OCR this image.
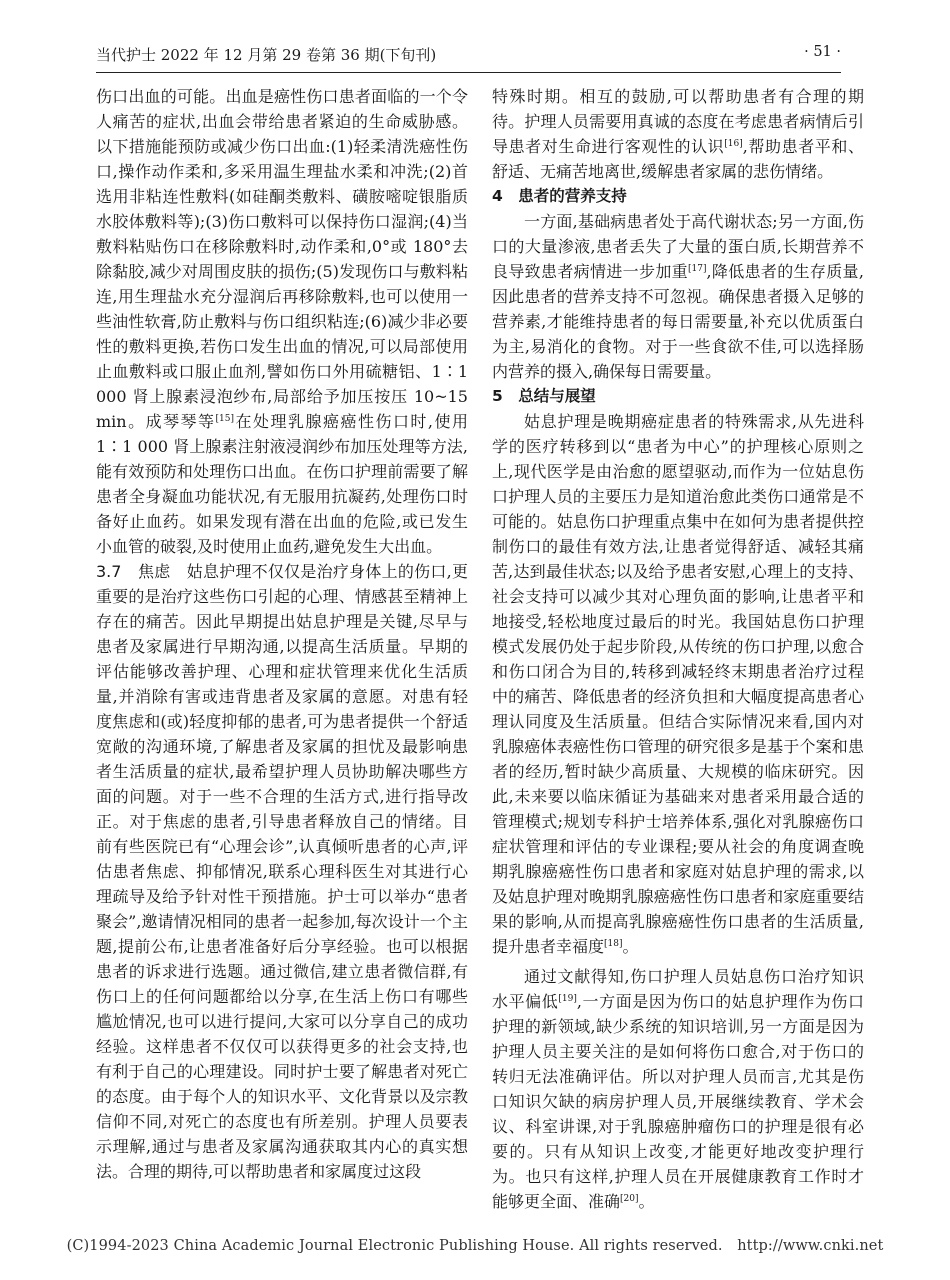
当代护士 2022 年 12 月第 29 卷第 36 期(下旬刊)	· 51 ·

伤口出血的可能。出血是癌性伤口患者面临的一个令人痛苦的症状,出血会带给患者紧迫的生命威胁感。以下措施能预防或减少伤口出血:(1)轻柔清洗癌性伤口,操作动作柔和,多采用温生理盐水柔和冲洗;(2)首选用非粘连性敷料(如硅酮类敷料、磺胺嘧啶银脂质水胶体敷料等);(3)伤口敷料可以保持伤口湿润;(4)当敷料粘贴伤口在移除敷料时,动作柔和,0°或 180°去除黏胶,减少对周围皮肤的损伤;(5)发现伤口与敷料粘连,用生理盐水充分湿润后再移除敷料,也可以使用一些油性软膏,防止敷料与伤口组织粘连;(6)减少非必要性的敷料更换,若伤口发生出血的情况,可以局部使用止血敷料或口服止血剂,譬如伤口外用硫糖铝、1∶1 000 肾上腺素浸泡纱布,局部给予加压按压 10~15 min。成琴琴等[15]在处理乳腺癌癌性伤口时,使用 1∶1 000 肾上腺素注射液浸润纱布加压处理等方法,能有效预防和处理伤口出血。在伤口护理前需要了解患者全身凝血功能状况,有无服用抗凝药,处理伤口时备好止血药。如果发现有潜在出血的危险,或已发生小血管的破裂,及时使用止血药,避免发生大出血。

3.7　 焦虑　 姑息护理不仅仅是治疗身体上的伤口,更重要的是治疗这些伤口引起的心理、情感甚至精神上存在的痛苦。因此早期提出姑息护理是关键,尽早与患者及家属进行早期沟通,以提高生活质量。早期的评估能够改善护理、心理和症状管理来优化生活质量,并消除有害或违背患者及家属的意愿。对患有轻度焦虑和(或)轻度抑郁的患者,可为患者提供一个舒适宽敞的沟通环境,了解患者及家属的担忧及最影响患者生活质量的症状,最希望护理人员协助解决哪些方面的问题。对于一些不合理的生活方式,进行指导改正。对于焦虑的患者,引导患者释放自己的情绪。目前有些医院已有“心理会诊”,认真倾听患者的心声,评估患者焦虑、抑郁情况,联系心理科医生对其进行心理疏导及给予针对性干预措施。护士可以举办“患者聚会”,邀请情况相同的患者一起参加,每次设计一个主题,提前公布,让患者准备好后分享经验。也可以根据患者的诉求进行选题。通过微信,建立患者微信群,有伤口上的任何问题都给以分享,在生活上伤口有哪些尴尬情况,也可以进行提问,大家可以分享自己的成功经验。这样患者不仅仅可以获得更多的社会支持,也有利于自己的心理建设。同时护士要了解患者对死亡的态度。由于每个人的知识水平、文化背景以及宗教信仰不同,对死亡的态度也有所差别。护理人员要表示理解,通过与患者及家属沟通获取其内心的真实想法。合理的期待,可以帮助患者和家属度过这段

特殊时期。相互的鼓励,可以帮助患者有合理的期待。护理人员需要用真诚的态度在考虑患者病情后引导患者对生命进行客观性的认识[16],帮助患者平和、舒适、无痛苦地离世,缓解患者家属的悲伤情绪。

4　患者的营养支持

一方面,基础病患者处于高代谢状态;另一方面,伤口的大量渗液,患者丢失了大量的蛋白质,长期营养不良导致患者病情进一步加重[17],降低患者的生存质量,因此患者的营养支持不可忽视。确保患者摄入足够的营养素,才能维持患者的每日需要量,补充以优质蛋白为主,易消化的食物。对于一些食欲不佳,可以选择肠内营养的摄入,确保每日需要量。

5　总结与展望

姑息护理是晚期癌症患者的特殊需求,从先进科学的医疗转移到以“患者为中心”的护理核心原则之上,现代医学是由治愈的愿望驱动,而作为一位姑息伤口护理人员的主要压力是知道治愈此类伤口通常是不可能的。姑息伤口护理重点集中在如何为患者提供控制伤口的最佳有效方法,让患者觉得舒适、减轻其痛苦,达到最佳状态;以及给予患者安慰,心理上的支持、社会支持可以减少其对心理负面的影响,让患者平和地接受,轻松地度过最后的时光。我国姑息伤口护理模式发展仍处于起步阶段,从传统的伤口护理,以愈合和伤口闭合为目的,转移到减轻终末期患者治疗过程中的痛苦、降低患者的经济负担和大幅度提高患者心理认同度及生活质量。但结合实际情况来看,国内对乳腺癌体表癌性伤口管理的研究很多是基于个案和患者的经历,暂时缺少高质量、大规模的临床研究。因此,未来要以临床循证为基础来对患者采用最合适的管理模式;规划专科护士培养体系,强化对乳腺癌伤口症状管理和评估的专业课程;要从社会的角度调查晚期乳腺癌癌性伤口患者和家庭对姑息护理的需求,以及姑息护理对晚期乳腺癌癌性伤口患者和家庭重要结果的影响,从而提高乳腺癌癌性伤口患者的生活质量,提升患者幸福度[18]。

通过文献得知,伤口护理人员姑息伤口治疗知识水平偏低[19],一方面是因为伤口的姑息护理作为伤口护理的新领域,缺少系统的知识培训,另一方面是因为护理人员主要关注的是如何将伤口愈合,对于伤口的转归无法准确评估。所以对护理人员而言,尤其是伤口知识欠缺的病房护理人员,开展继续教育、学术会议、科室讲课,对于乳腺癌肿瘤伤口的护理是很有必要的。只有从知识上改变,才能更好地改变护理行为。也只有这样,护理人员在开展健康教育工作时才能够更全面、准确[20]。

(C)1994-2023 China Academic Journal Electronic Publishing House. All rights reserved.　http://www.cnki.net
